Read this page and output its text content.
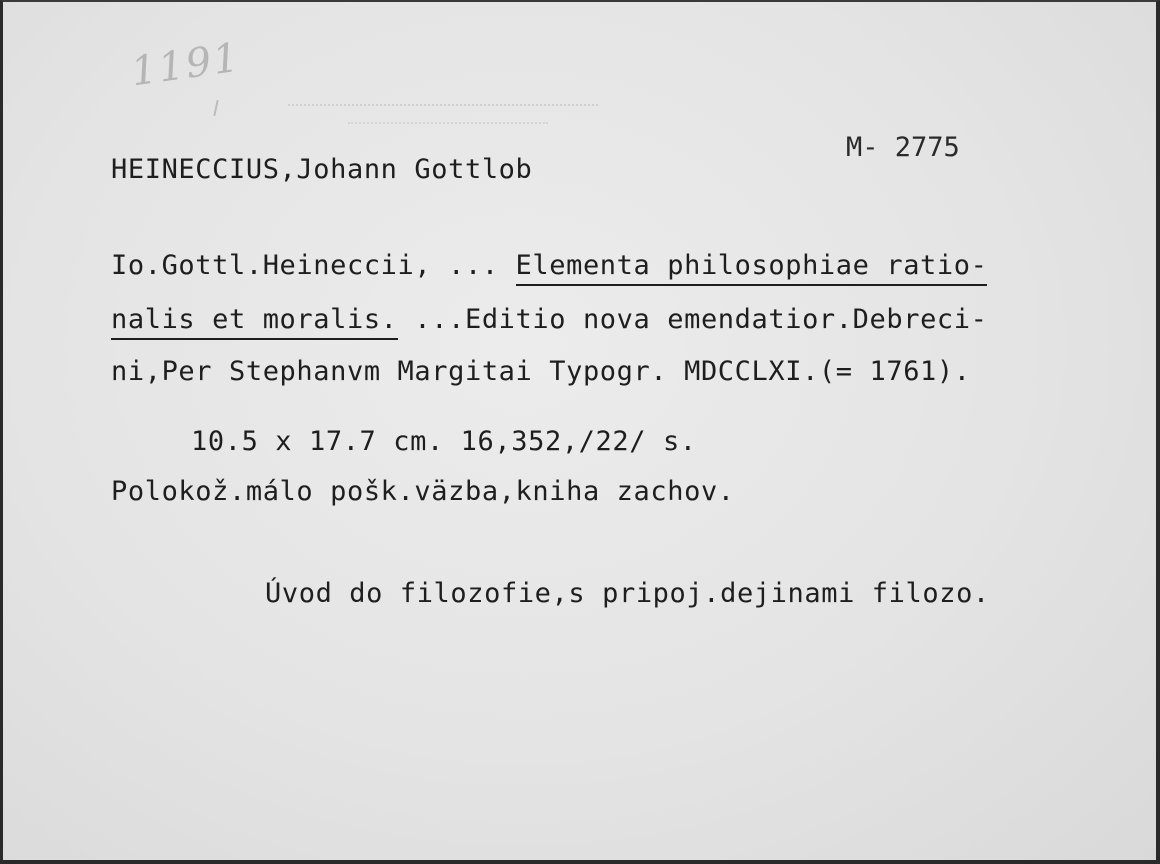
1191
M- 2775
HEINECCIUS,Johann Gottlob
Io.Gottl.Heineccii, ... Elementa philosophiae ratio-
nalis et moralis. ...Editio nova emendatior.Debreci-
ni,Per Stephanvm Margitai Typogr. MDCCLXI.(= 1761).
10.5 x 17.7 cm. 16,352,/22/ s.
Polokož.málo pošk.väzba,kniha zachov.
Úvod do filozofie,s pripoj.dejinami filozo.
